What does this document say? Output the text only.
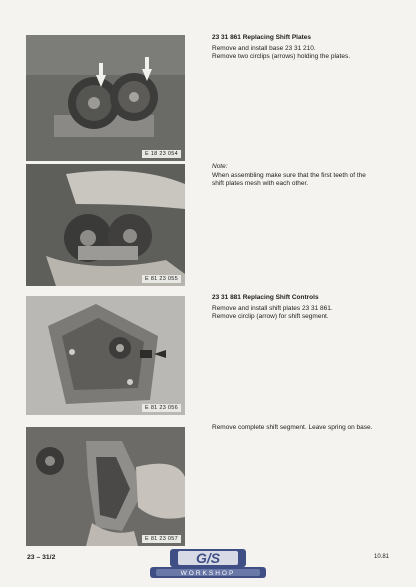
E 18 23 054
E 81 23 055
E 81 23 056
E 81 23 057

23 31 861 Replacing Shift Plates

Remove and install base 23 31 210.

Remove two circlips (arrows) holding the plates.

Note:

When assembling make sure that the first teeth of the

shift plates mesh with each other.

23 31 881 Replacing Shift Controls

Remove and install shift plates 23 31 861.

Remove circlip (arrow) for shift segment.

Remove complete shift segment. Leave spring on base.

23 – 31/2	10.81
G/S
WORKSHOP
